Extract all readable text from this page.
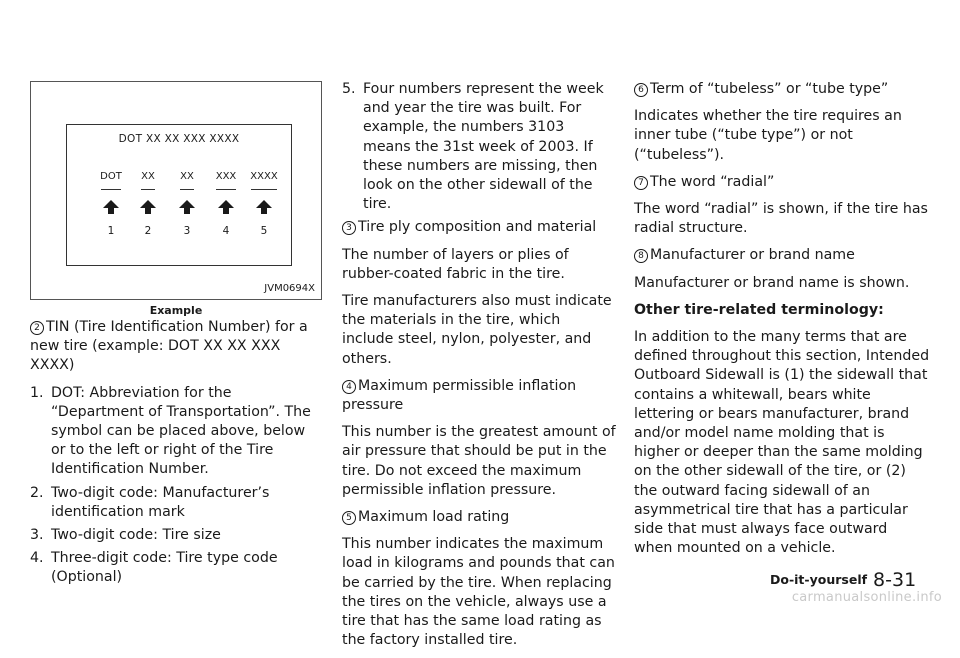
DOT XX XX XXX XXXX
DOT XX	XX XXX XXXX
1	2	3	4	5
JVM0694X
Example

2 TIN (Tire Identification Number) for a new tire (example: DOT XX XX XXX XXXX)

1. DOT: Abbreviation for the “Department of Transportation”. The symbol can be placed above, below or to the left or right of the Tire Identification Number.
2. Two-digit code: Manufacturer’s identification mark
3. Two-digit code: Tire size
4. Three-digit code: Tire type code (Optional)
5. Four numbers represent the week and year the tire was built. For example, the numbers 3103 means the 31st week of 2003. If these numbers are missing, then look on the other sidewall of the tire.

3 Tire ply composition and material

The number of layers or plies of rubber-coated fabric in the tire.

Tire manufacturers also must indicate the materials in the tire, which include steel, nylon, polyester, and others.

4 Maximum permissible inflation pressure

This number is the greatest amount of air pressure that should be put in the tire. Do not exceed the maximum permissible inflation pressure.

5 Maximum load rating

This number indicates the maximum load in kilograms and pounds that can be carried by the tire. When replacing the tires on the vehicle, always use a tire that has the same load rating as the factory installed tire.

6 Term of “tubeless” or “tube type”

Indicates whether the tire requires an inner tube (“tube type”) or not (“tubeless”).

7 The word “radial”

The word “radial” is shown, if the tire has radial structure.

8 Manufacturer or brand name

Manufacturer or brand name is shown.

Other tire-related terminology:

In addition to the many terms that are defined throughout this section, Intended Outboard Sidewall is (1) the sidewall that contains a whitewall, bears white lettering or bears manufacturer, brand and/or model name molding that is higher or deeper than the same molding on the other sidewall of the tire, or (2) the outward facing sidewall of an asymmetrical tire that has a particular side that must always face outward when mounted on a vehicle.

Do-it-yourself 8-31
carmanualsonline.info
